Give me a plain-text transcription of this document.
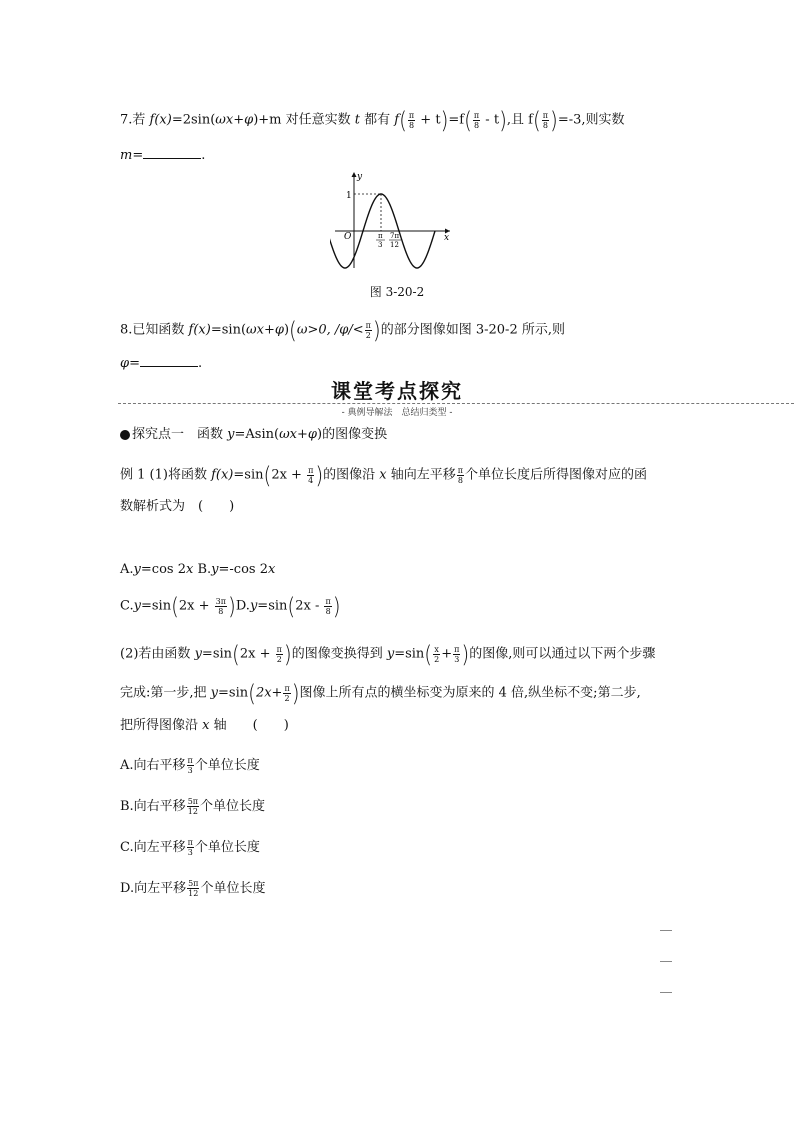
7.若 f(x)=2sin(ωx+φ)+m 对任意实数 t 都有 $f( \frac{\pi}{8} + t)=f( \frac{\pi}{8} - t)$,且 $f( \frac{\pi}{8} )=-3$,则实数
m=	.
y
x
O
1
π
3
7π
12
图 3-20-2
8.已知函数 f(x)=sin(ωx+φ)(ω>0, $/\varphi/< \frac{\pi}{2}$ )的部分图像如图 3-20-2 所示,则
φ=	.
课堂考点探究
- 典例导解法　总结归类型 -
探究点一　函数 y=Asin(ωx+φ)的图像变换
例 1 (1)将函数 $f(x)=\sin(2x + \frac{\pi}{4}$ )的图像沿 x 轴向左平移 $\frac{\pi}{8}$ 个单位长度后所得图像对应的函
数解析式为　(　　)
A.y=cos 2x B.y=-cos 2x
$C.y=\sin(2x + \frac{3\pi}{8} )D.y=\sin(2x - \frac{\pi}{8}$ )
(2)若由函数 $y=\sin(2x + \frac{\pi}{2}$ )的图像变换得到 $y=\sin( \frac{x}{2} + \frac{\pi}{3}$ )的图像,则可以通过以下两个步骤
完成:第一步,把 $y=\sin(2x+ \frac{\pi}{2}$ )图像上所有点的横坐标变为原来的 4 倍,纵坐标不变;第二步,
把所得图像沿 x 轴　　(　　)
A.向右平移 $\frac{\pi}{3}$ 个单位长度
B.向右平移 $\frac{5\pi}{12}$ 个单位长度
C.向左平移 $\frac{\pi}{3}$ 个单位长度
D.向左平移 $\frac{5\pi}{12}$ 个单位长度
